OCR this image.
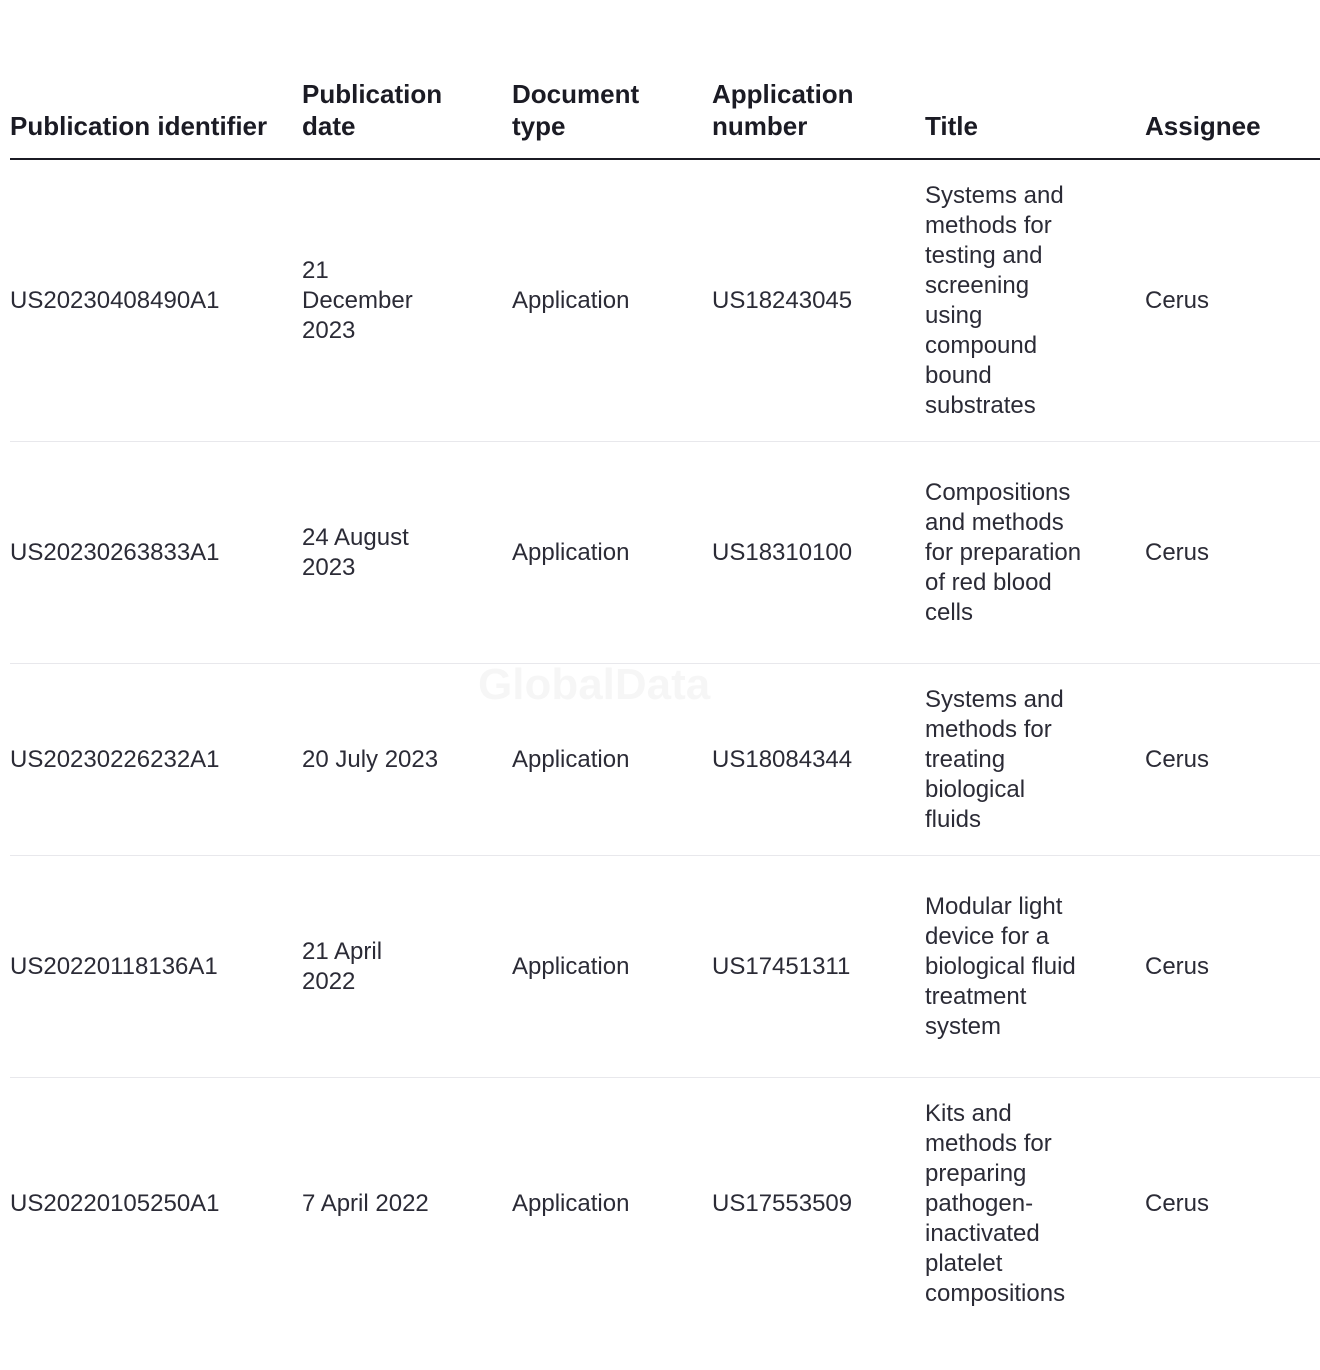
Publication identifier	Publication date	Document type	Application number	Title	Assignee
US20230408490A1	21 December 2023	Application	US18243045	Systems and methods for testing and screening using compound bound substrates	Cerus
US20230263833A1	24 August 2023	Application	US18310100	Compositions and methods for preparation of red blood cells	Cerus
US20230226232A1	20 July 2023	Application	US18084344	Systems and methods for treating biological fluids	Cerus
US20220118136A1	21 April 2022	Application	US17451311	Modular light device for a biological fluid treatment system	Cerus
US20220105250A1	7 April 2022	Application	US17553509	Kits and methods for preparing pathogen-inactivated platelet compositions	Cerus
